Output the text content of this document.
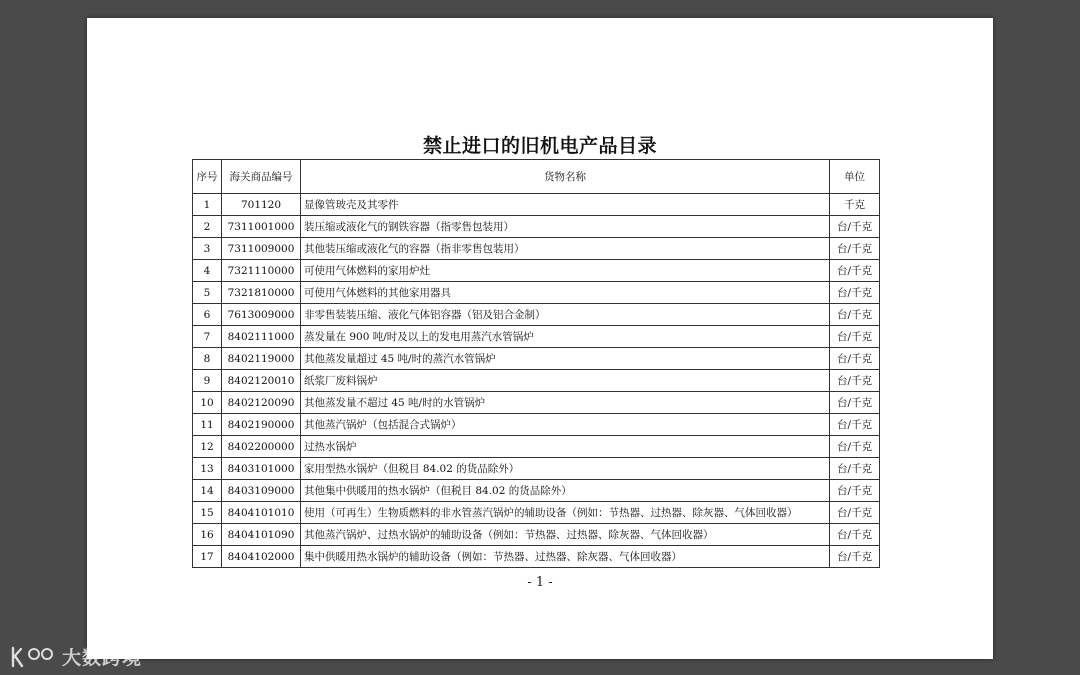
禁止进口的旧机电产品目录
序号	海关商品编号	货物名称	单位
1	701120	显像管玻壳及其零件	千克
2	7311001000	装压缩或液化气的钢铁容器（指零售包装用）	台/千克
3	7311009000	其他装压缩或液化气的容器（指非零售包装用）	台/千克
4	7321110000	可使用气体燃料的家用炉灶	台/千克
5	7321810000	可使用气体燃料的其他家用器具	台/千克
6	7613009000	非零售装装压缩、液化气体铝容器（铝及铝合金制）	台/千克
7	8402111000	蒸发量在 900 吨/时及以上的发电用蒸汽水管锅炉	台/千克
8	8402119000	其他蒸发量超过 45 吨/时的蒸汽水管锅炉	台/千克
9	8402120010	纸浆厂废料锅炉	台/千克
10	8402120090	其他蒸发量不超过 45 吨/时的水管锅炉	台/千克
11	8402190000	其他蒸汽锅炉（包括混合式锅炉）	台/千克
12	8402200000	过热水锅炉	台/千克
13	8403101000	家用型热水锅炉（但税目 84.02 的货品除外）	台/千克
14	8403109000	其他集中供暖用的热水锅炉（但税目 84.02 的货品除外）	台/千克
15	8404101010	使用（可再生）生物质燃料的非水管蒸汽锅炉的辅助设备（例如：节热器、过热器、除灰器、气体回收器）	台/千克
16	8404101090	其他蒸汽锅炉、过热水锅炉的辅助设备（例如：节热器、过热器、除灰器、气体回收器）	台/千克
17	8404102000	集中供暖用热水锅炉的辅助设备（例如：节热器、过热器、除灰器、气体回收器）	台/千克
- 1 -
大数跨境
